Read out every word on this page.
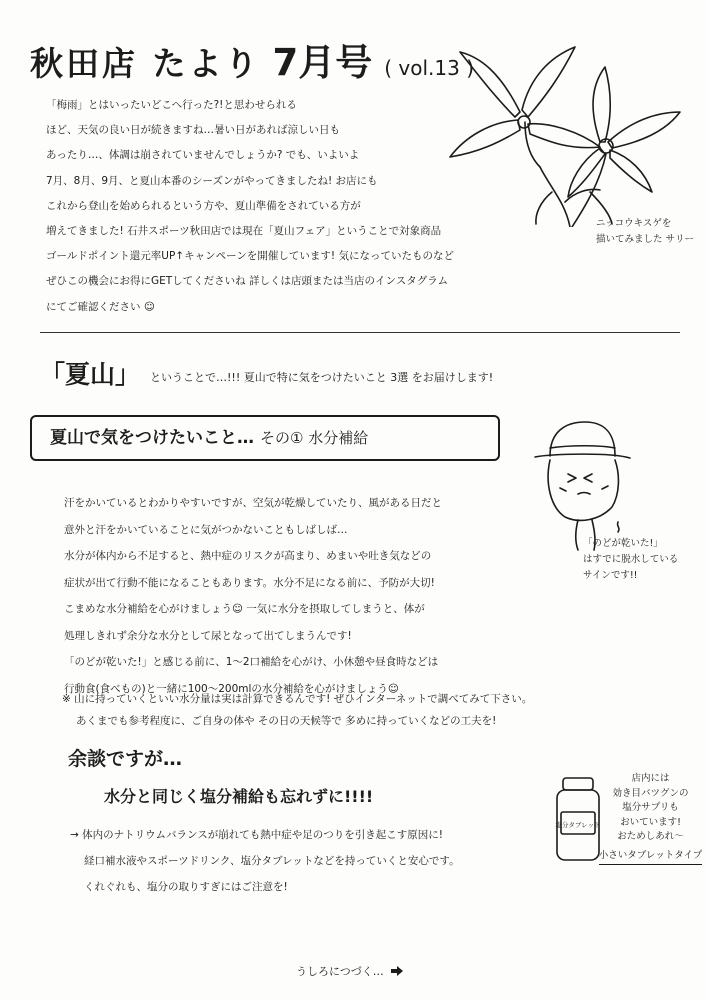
秋田店 たより 7月号 ( vol.13 )

「梅雨」とはいったいどこへ行った?!と思わせられる

ほど、天気の良い日が続きますね…暑い日があれば涼しい日も

あったり…、体調は崩されていませんでしょうか? でも、いよいよ

7月、8月、9月、と夏山本番のシーズンがやってきましたね! お店にも

これから登山を始められるという方や、夏山準備をされている方が

増えてきました! 石井スポーツ秋田店では現在「夏山フェア」ということで対象商品

ゴールドポイント還元率UP↑キャンペーンを開催しています! 気になっていたものなど

ぜひこの機会にお得にGETしてくださいね 詳しくは店頭または当店のインスタグラム

にてご確認ください ☺

ニッコウキスゲを
描いてみました サリー
「夏山」 ということで…!!! 夏山で特に気をつけたいこと 3選 をお届けします!
夏山で気をつけたいこと… その① 水分補給
「のどが乾いた!」
はすでに脱水している
サインです!!

汗をかいているとわかりやすいですが、空気が乾燥していたり、風がある日だと

意外と汗をかいていることに気がつかないこともしばしば…

水分が体内から不足すると、熱中症のリスクが高まり、めまいや吐き気などの

症状が出て行動不能になることもあります。水分不足になる前に、予防が大切!

こまめな水分補給を心がけましょう☺ 一気に水分を摂取してしまうと、体が

処理しきれず余分な水分として尿となって出てしまうんです!

「のどが乾いた!」と感じる前に、1〜2口補給を心がけ、小休憩や昼食時などは

行動食(食べもの)と一緒に100〜200mlの水分補給を心がけましょう☺

※ 山に持っていくといい水分量は実は計算できるんです! ぜひインターネットで調べてみて下さい。

あくまでも参考程度に、ご自身の体や その日の天候等で 多めに持っていくなどの工夫を!

余談ですが…
水分と同じく塩分補給も忘れずに!!!!

→ 体内のナトリウムバランスが崩れても熱中症や足のつりを引き起こす原因に!

経口補水液やスポーツドリンク、塩分タブレットなどを持っていくと安心です。

くれぐれも、塩分の取りすぎにはご注意を!

塩分タブレット
店内には
効き目バツグンの
塩分サプリも
おいています!
おためしあれ〜
小さいタブレットタイプ
うしろにつづく…
